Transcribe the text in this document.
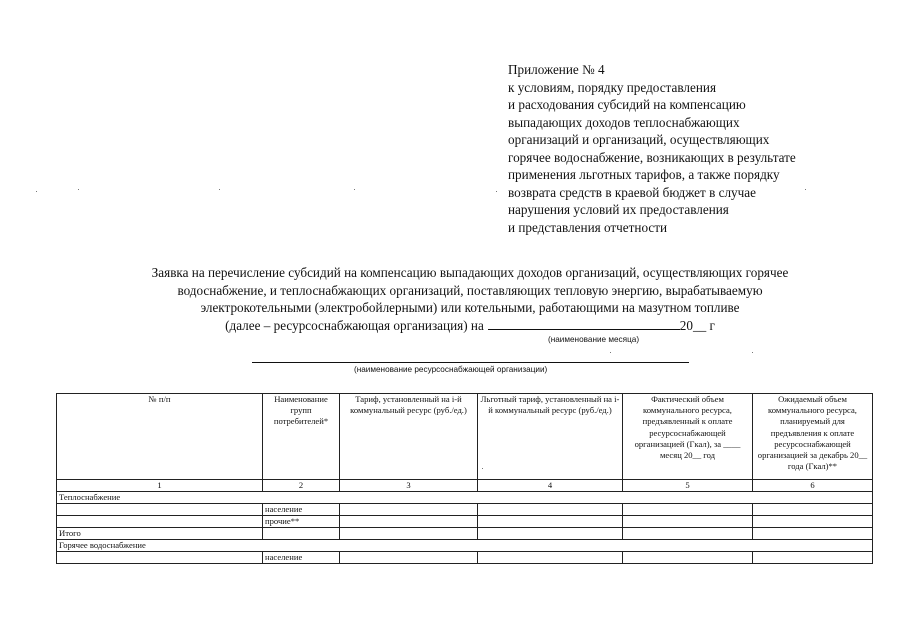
Приложение № 4
к условиям, порядку предоставления
и расходования субсидий на компенсацию
выпадающих доходов теплоснабжающих
организаций и организаций, осуществляющих
горячее водоснабжение, возникающих в результате
применения льготных тарифов, а также порядку
возврата средств в краевой бюджет в случае
нарушения условий их предоставления
и представления отчетности
Заявка на перечисление субсидий на компенсацию выпадающих доходов организаций, осуществляющих горячее
водоснабжение, и теплоснабжающих организаций, поставляющих тепловую энергию, вырабатываемую
электрокотельными (электробойлерными) или котельными, работающими на мазутном топливе
(далее – ресурсоснабжающая организация) на	20__ г
(наименование месяца)
(наименование ресурсоснабжающей организации)
№ п/п	Наименование групп потребителей*	Тариф, установленный на i-й коммунальный ресурс (руб./ед.)	Льготный тариф, установленный на i-й коммунальный ресурс (руб./ед.)	Фактический объем коммунального ресурса, предъявленный к оплате ресурсоснабжающей организацией (Гкал), за ____ месяц 20__ год	Ожидаемый объем коммунального ресурса, планируемый для предъявления к оплате ресурсоснабжающей организацией за декабрь 20__ года (Гкал)**
1	2	3	4	5	6
Теплоснабжение					
	население				
	прочие**				
Итого					
Горячее водоснабжение					
	население				
